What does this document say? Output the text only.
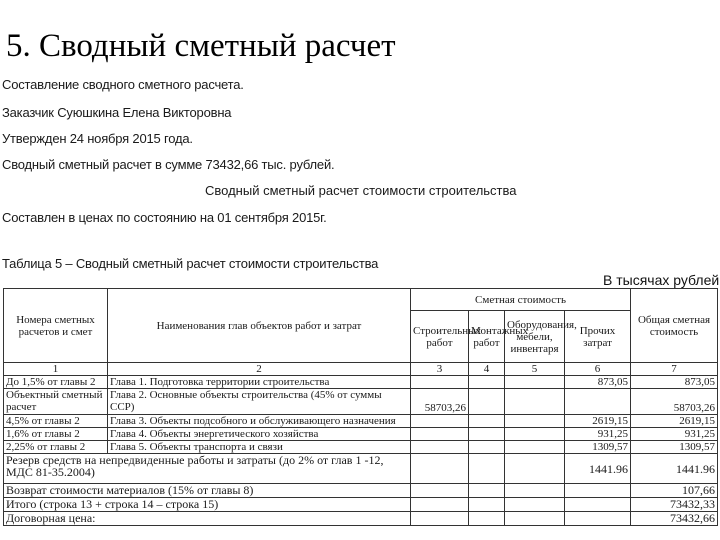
5. Сводный сметный расчет
Составление сводного сметного расчета.
Заказчик Суюшкина Елена Викторовна
Утвержден 24 ноября 2015 года.
Сводный сметный расчет в сумме 73432,66 тыс. рублей.
Сводный сметный расчет стоимости строительства
Составлен в ценах по состоянию на 01 сентября 2015г.
Таблица 5 – Сводный сметный расчет стоимости строительства
В тысячах рублей
Номера сметных расчетов и смет	Наименования глав объектов работ и затрат	Сметная стоимость				Общая сметная стоимость
		Строительных работ	Монтажных работ	Оборудования, мебели, инвентаря	Прочих затрат	
1	2	3	4	5	6	7
До 1,5% от главы 2	Глава 1. Подготовка территории строительства				873,05	873,05
Объектный сметный расчет	Глава 2. Основные объекты строительства (45% от суммы ССР)	58703,26				58703,26
4,5% от главы 2	Глава 3. Объекты подсобного и обслуживающего назначения				2619,15	2619,15
1,6% от главы 2	Глава 4. Объекты энергетического хозяйства				931,25	931,25
2,25% от главы 2	Глава 5. Объекты транспорта и связи				1309,57	1309,57
Резерв средств на непредвиденные работы и затраты (до 2% от глав 1 -12, МДС 81-35.2004)					1441.96	1441.96
Возврат стоимости материалов (15% от главы 8)						107,66
Итого (строка 13 + строка 14 – строка 15)						73432,33
Договорная цена:						73432,66
